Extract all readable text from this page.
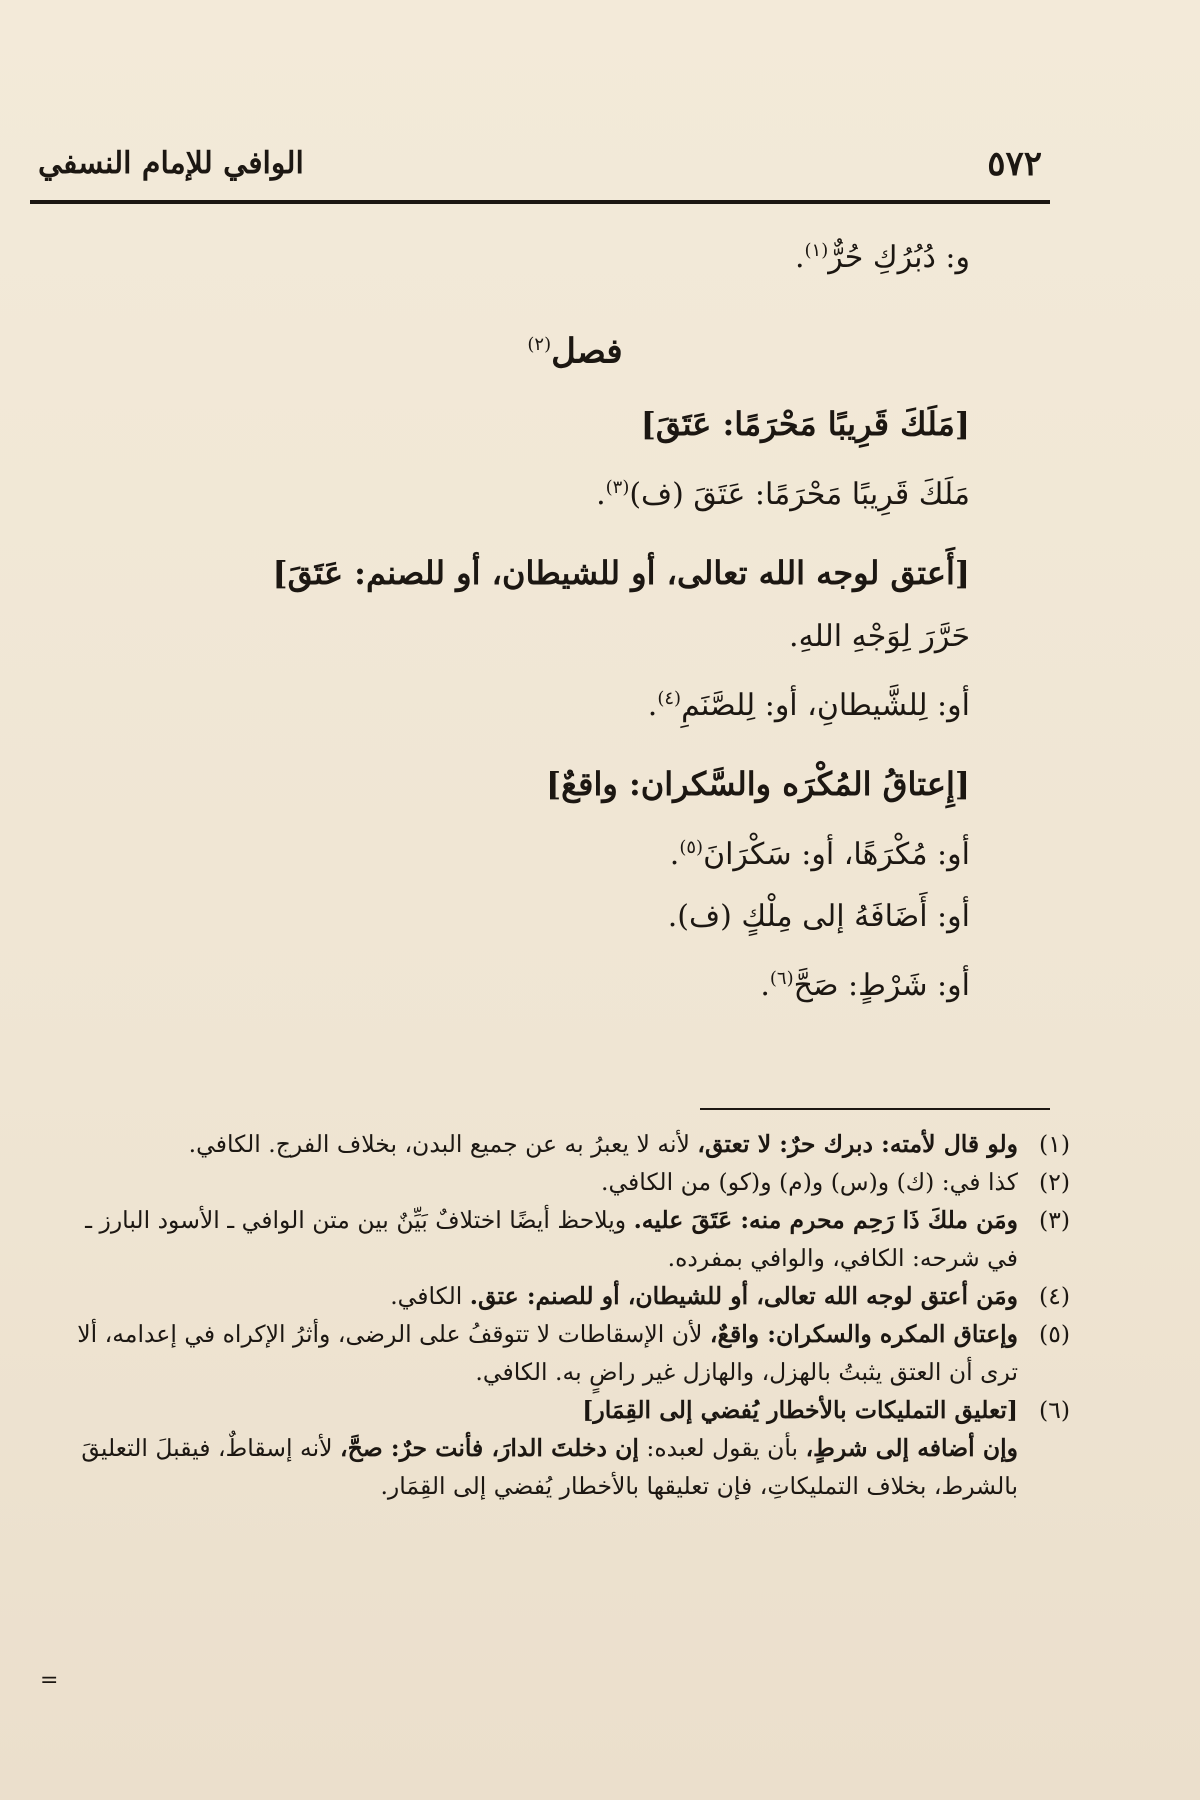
٥٧٢
الوافي للإمام النسفي
و: دُبُرُكِ حُرٌّ$^{(١)}$.
فصل$^{(٢)}$
[مَلَكَ قَرِيبًا مَحْرَمًا: عَتَقَ]
مَلَكَ قَرِيبًا مَحْرَمًا: عَتَقَ (ف)$^{(٣)}$.
[أَعتق لوجه الله تعالى، أو للشيطان، أو للصنم: عَتَقَ]
حَرَّرَ لِوَجْهِ اللهِ.
أو: لِلشَّيطانِ، أو: لِلصَّنَمِ$^{(٤)}$.
[إِعتاقُ المُكْرَه والسَّكران: واقعٌ]
أو: مُكْرَهًا، أو: سَكْرَانَ$^{(٥)}$.
أو: أَضَافَهُ إلى مِلْكٍ (ف).
أو: شَرْطٍ: صَحَّ$^{(٦)}$.
(١)
ولو قال لأمته: دبرك حرٌ: لا تعتق، لأنه لا يعبرُ به عن جميع البدن، بخلاف الفرج. الكافي.
(٢)
كذا في: (ك) و(س) و(م) و(كو) من الكافي.
(٣)
ومَن ملكَ ذَا رَحِم محرم منه: عَتَقَ عليه. ويلاحظ أيضًا اختلافٌ بَيِّنٌ بين متن الوافي ـ الأسود البارز ـ في شرحه: الكافي، والوافي بمفرده.
(٤)
ومَن أعتق لوجه الله تعالى، أو للشيطان، أو للصنم: عتق. الكافي.
(٥)
وإعتاق المكره والسكران: واقعٌ، لأن الإسقاطات لا تتوقفُ على الرضى، وأثرُ الإكراه في إعدامه، ألا ترى أن العتق يثبتُ بالهزل، والهازل غير راضٍ به. الكافي.
(٦)
[تعليق التمليكات بالأخطار يُفضي إلى القِمَار]
وإن أضافه إلى شرطٍ، بأن يقول لعبده: إن دخلتَ الدارَ، فأنت حرٌ: صحَّ، لأنه إسقاطٌ، فيقبلَ التعليقَ بالشرط، بخلاف التمليكاتِ، فإن تعليقها بالأخطار يُفضي إلى القِمَار.
=
